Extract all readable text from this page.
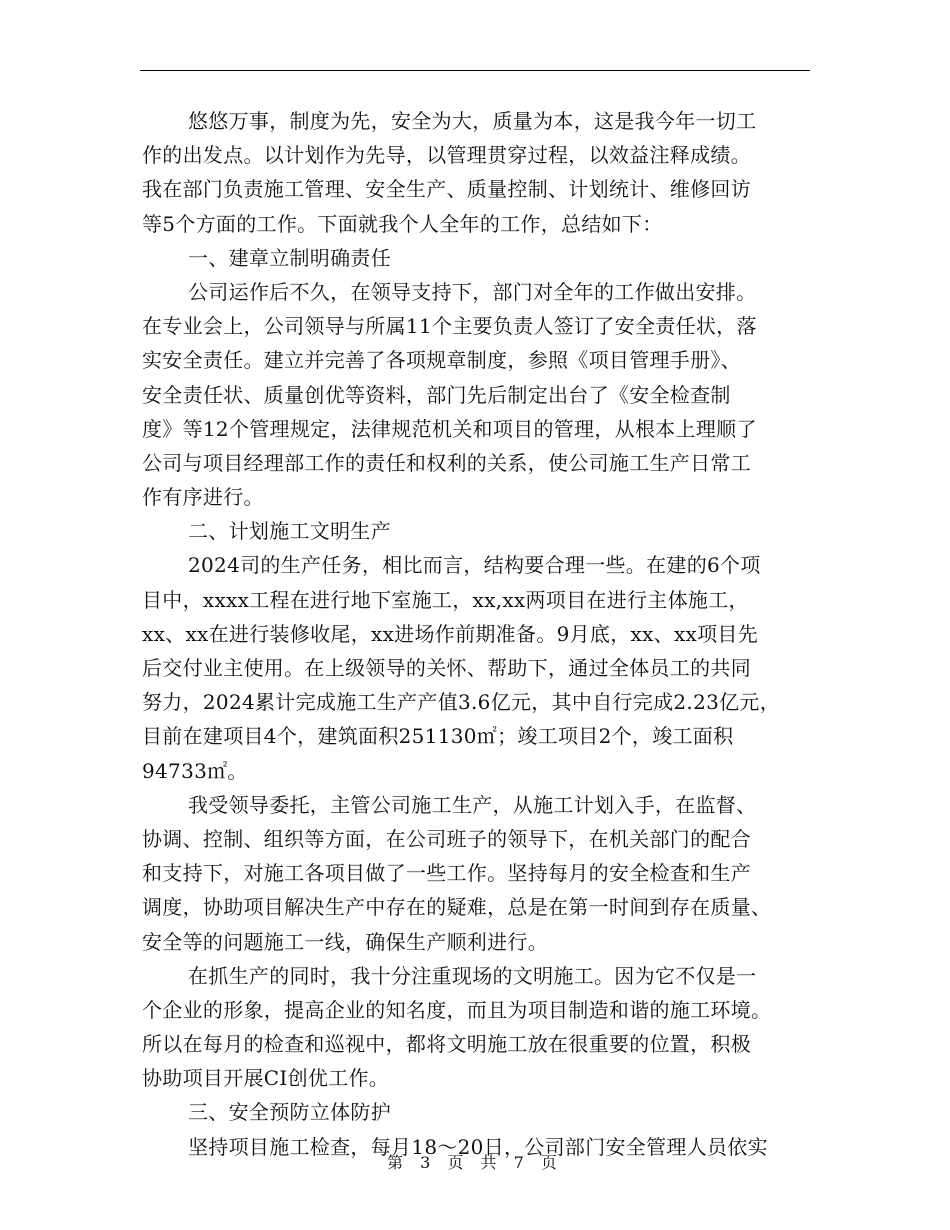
悠悠万事，制度为先，安全为大，质量为本，这是我今年一切工
作的出发点。以计划作为先导，以管理贯穿过程，以效益注释成绩。
我在部门负责施工管理、安全生产、质量控制、计划统计、维修回访
等5个方面的工作。下面就我个人全年的工作，总结如下：
一、建章立制明确责任
公司运作后不久，在领导支持下，部门对全年的工作做出安排。
在专业会上，公司领导与所属11个主要负责人签订了安全责任状，落
实安全责任。建立并完善了各项规章制度，参照《项目管理手册》、
安全责任状、质量创优等资料，部门先后制定出台了《安全检查制
度》等12个管理规定，法律规范机关和项目的管理，从根本上理顺了
公司与项目经理部工作的责任和权利的关系，使公司施工生产日常工
作有序进行。
二、计划施工文明生产
2024司的生产任务，相比而言，结构要合理一些。在建的6个项
目中，xxxx工程在进行地下室施工，xx,xx两项目在进行主体施工，
xx、xx在进行装修收尾，xx进场作前期准备。9月底，xx、xx项目先
后交付业主使用。在上级领导的关怀、帮助下，通过全体员工的共同
努力，2024累计完成施工生产产值3.6亿元，其中自行完成2.23亿元，
目前在建项目4个，建筑面积251130㎡；竣工项目2个，竣工面积
94733㎡。
我受领导委托，主管公司施工生产，从施工计划入手，在监督、
协调、控制、组织等方面，在公司班子的领导下，在机关部门的配合
和支持下，对施工各项目做了一些工作。坚持每月的安全检查和生产
调度，协助项目解决生产中存在的疑难，总是在第一时间到存在质量、
安全等的问题施工一线，确保生产顺利进行。
在抓生产的同时，我十分注重现场的文明施工。因为它不仅是一
个企业的形象，提高企业的知名度，而且为项目制造和谐的施工环境。
所以在每月的检查和巡视中，都将文明施工放在很重要的位置，积极
协助项目开展CI创优工作。
三、安全预防立体防护
坚持项目施工检查，每月18～20日，公司部门安全管理人员依实
第 3 页 共 7 页
